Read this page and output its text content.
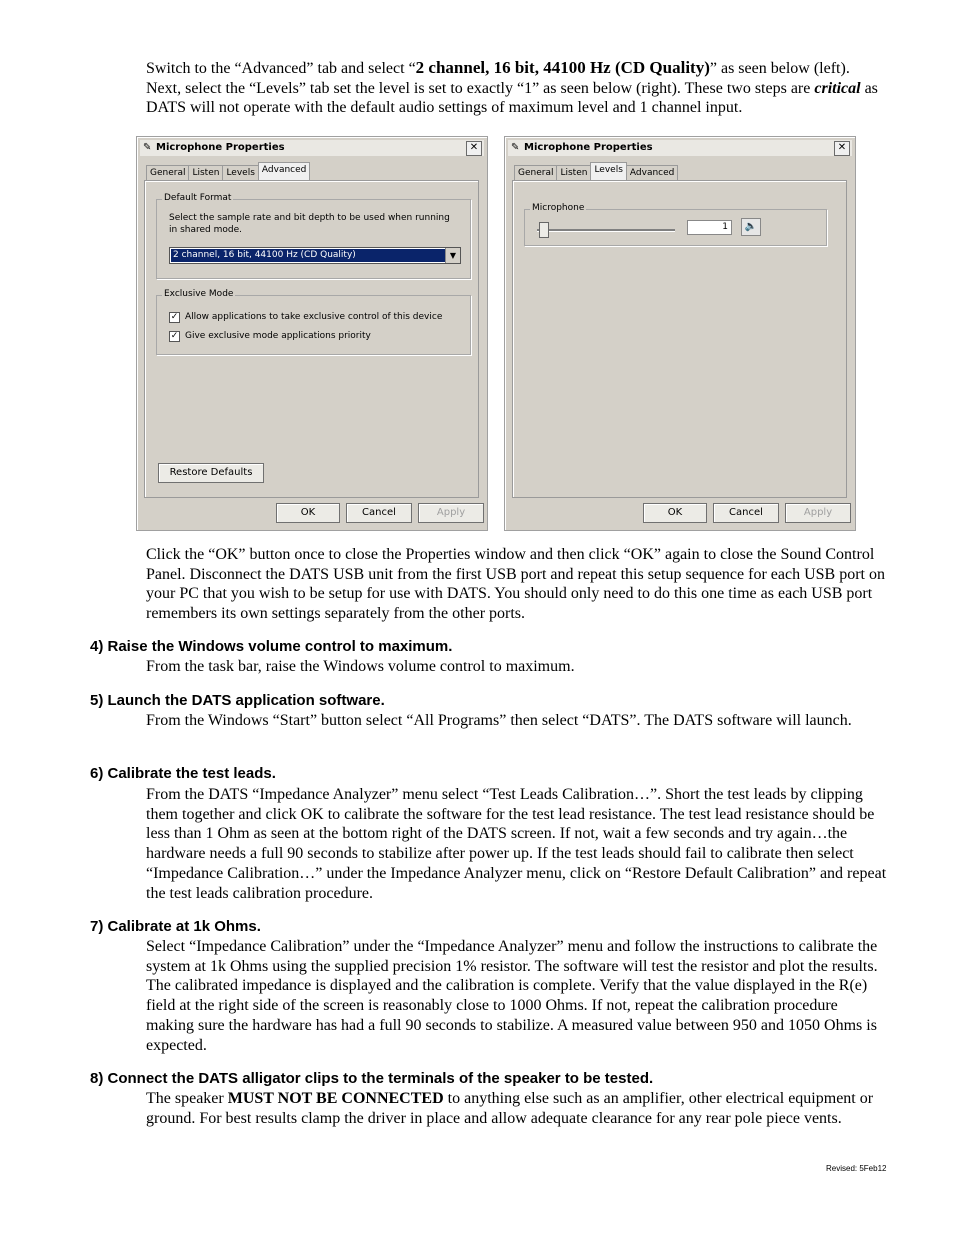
Switch to the “Advanced” tab and select “2 channel, 16 bit, 44100 Hz (CD Quality)” as seen below (left). Next, select the “Levels” tab set the level is set to exactly “1” as seen below (right). These two steps are critical as DATS will not operate with the default audio settings of maximum level and 1 channel input.
✎ Microphone Properties	✕
General Listen Levels Advanced
Default Format
Select the sample rate and bit depth to be used when running in shared mode.
2 channel, 16 bit, 44100 Hz (CD Quality)	▼
Exclusive Mode
✓ Allow applications to take exclusive control of this device
✓ Give exclusive mode applications priority
Restore Defaults
OK	Cancel	Apply
✎ Microphone Properties	✕
General Listen Levels Advanced
Microphone
1	🔈
OK	Cancel	Apply
Click the “OK” button once to close the Properties window and then click “OK” again to close the Sound Control Panel. Disconnect the DATS USB unit from the first USB port and repeat this setup sequence for each USB port on your PC that you wish to be setup for use with DATS. You should only need to do this one time as each USB port remembers its own settings separately from the other ports.
4) Raise the Windows volume control to maximum.
From the task bar, raise the Windows volume control to maximum.
5) Launch the DATS application software.
From the Windows “Start” button select “All Programs” then select “DATS”. The DATS software will launch.
6) Calibrate the test leads.
From the DATS “Impedance Analyzer” menu select “Test Leads Calibration…”. Short the test leads by clipping them together and click OK to calibrate the software for the test lead resistance. The test lead resistance should be less than 1 Ohm as seen at the bottom right of the DATS screen. If not, wait a few seconds and try again…the hardware needs a full 90 seconds to stabilize after power up. If the test leads should fail to calibrate then select “Impedance Calibration…” under the Impedance Analyzer menu, click on “Restore Default Calibration” and repeat the test leads calibration procedure.
7) Calibrate at 1k Ohms.
Select “Impedance Calibration” under the “Impedance Analyzer” menu and follow the instructions to calibrate the system at 1k Ohms using the supplied precision 1% resistor. The software will test the resistor and plot the results. The calibrated impedance is displayed and the calibration is complete. Verify that the value displayed in the R(e) field at the right side of the screen is reasonably close to 1000 Ohms. If not, repeat the calibration procedure making sure the hardware has had a full 90 seconds to stabilize. A measured value between 950 and 1050 Ohms is expected.
8) Connect the DATS alligator clips to the terminals of the speaker to be tested.
The speaker MUST NOT BE CONNECTED to anything else such as an amplifier, other electrical equipment or ground. For best results clamp the driver in place and allow adequate clearance for any rear pole piece vents.
Revised: 5Feb12
